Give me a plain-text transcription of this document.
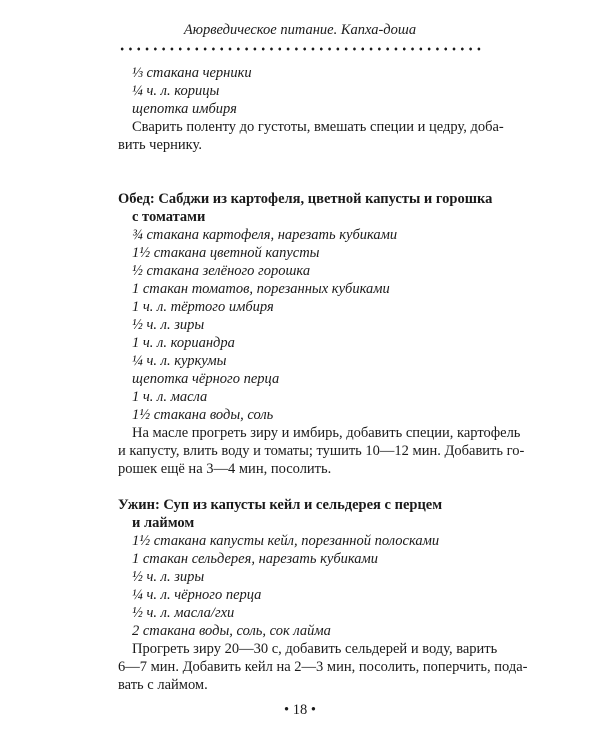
Аюрведическое питание. Капха-доша
⅓ стакана черники
¼ ч. л. корицы
щепотка имбиря
Сварить поленту до густоты, вмешать специи и цедру, доба-
вить чернику.
Обед: Сабджи из картофеля, цветной капусты и горошка
с томатами
¾ стакана картофеля, нарезать кубиками
1½ стакана цветной капусты
½ стакана зелёного горошка
1 стакан томатов, порезанных кубиками
1 ч. л. тёртого имбиря
½ ч. л. зиры
1 ч. л. кориандра
¼ ч. л. куркумы
щепотка чёрного перца
1 ч. л. масла
1½ стакана воды, соль
На масле прогреть зиру и имбирь, добавить специи, картофель
и капусту, влить воду и томаты; тушить 10—12 мин. Добавить го-
рошек ещё на 3—4 мин, посолить.
Ужин: Суп из капусты кейл и сельдерея с перцем
и лаймом
1½ стакана капусты кейл, порезанной полосками
1 стакан сельдерея, нарезать кубиками
½ ч. л. зиры
¼ ч. л. чёрного перца
½ ч. л. масла/гхи
2 стакана воды, соль, сок лайма
Прогреть зиру 20—30 с, добавить сельдерей и воду, варить
6—7 мин. Добавить кейл на 2—3 мин, посолить, поперчить, пода-
вать с лаймом.
• 18 •
